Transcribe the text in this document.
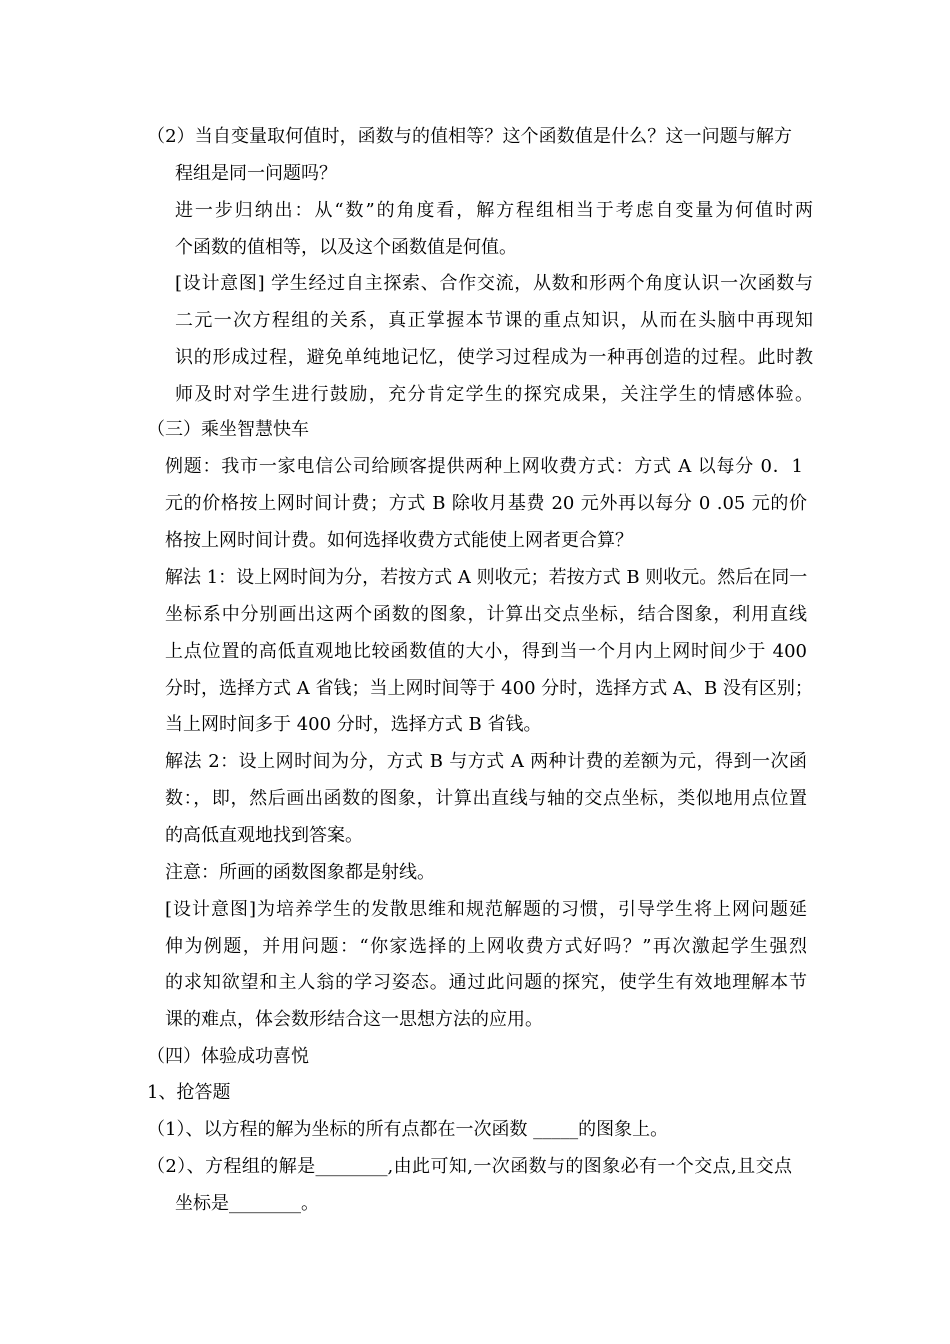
（2）当自变量取何值时，函数与的值相等？这个函数值是什么？这一问题与解方
程组是同一问题吗？
进一步归纳出：从“数”的角度看，解方程组相当于考虑自变量为何值时两
个函数的值相等，以及这个函数值是何值。
[设计意图] 学生经过自主探索、合作交流，从数和形两个角度认识一次函数与
二元一次方程组的关系，真正掌握本节课的重点知识，从而在头脑中再现知
识的形成过程，避免单纯地记忆，使学习过程成为一种再创造的过程。此时教
师及时对学生进行鼓励，充分肯定学生的探究成果，关注学生的情感体验。
（三）乘坐智慧快车
例题：我市一家电信公司给顾客提供两种上网收费方式：方式 A 以每分 0．1
元的价格按上网时间计费；方式 B 除收月基费 20 元外再以每分 0 .05 元的价
格按上网时间计费。如何选择收费方式能使上网者更合算？
解法 1：设上网时间为分，若按方式 A 则收元；若按方式 B 则收元。然后在同一
坐标系中分别画出这两个函数的图象，计算出交点坐标，结合图象，利用直线
上点位置的高低直观地比较函数值的大小，得到当一个月内上网时间少于 400
分时，选择方式 A 省钱；当上网时间等于 400 分时，选择方式 A、B 没有区别；
当上网时间多于 400 分时，选择方式 B 省钱。
解法 2：设上网时间为分，方式 B 与方式 A 两种计费的差额为元，得到一次函
数：，即，然后画出函数的图象，计算出直线与轴的交点坐标，类似地用点位置
的高低直观地找到答案。
注意：所画的函数图象都是射线。
[设计意图]为培养学生的发散思维和规范解题的习惯，引导学生将上网问题延
伸为例题，并用问题：“你家选择的上网收费方式好吗？”再次激起学生强烈
的求知欲望和主人翁的学习姿态。通过此问题的探究，使学生有效地理解本节
课的难点，体会数形结合这一思想方法的应用。
（四）体验成功喜悦
1、抢答题
（1）、以方程的解为坐标的所有点都在一次函数 _____的图象上。
（2）、方程组的解是________,由此可知,一次函数与的图象必有一个交点,且交点
坐标是________。
